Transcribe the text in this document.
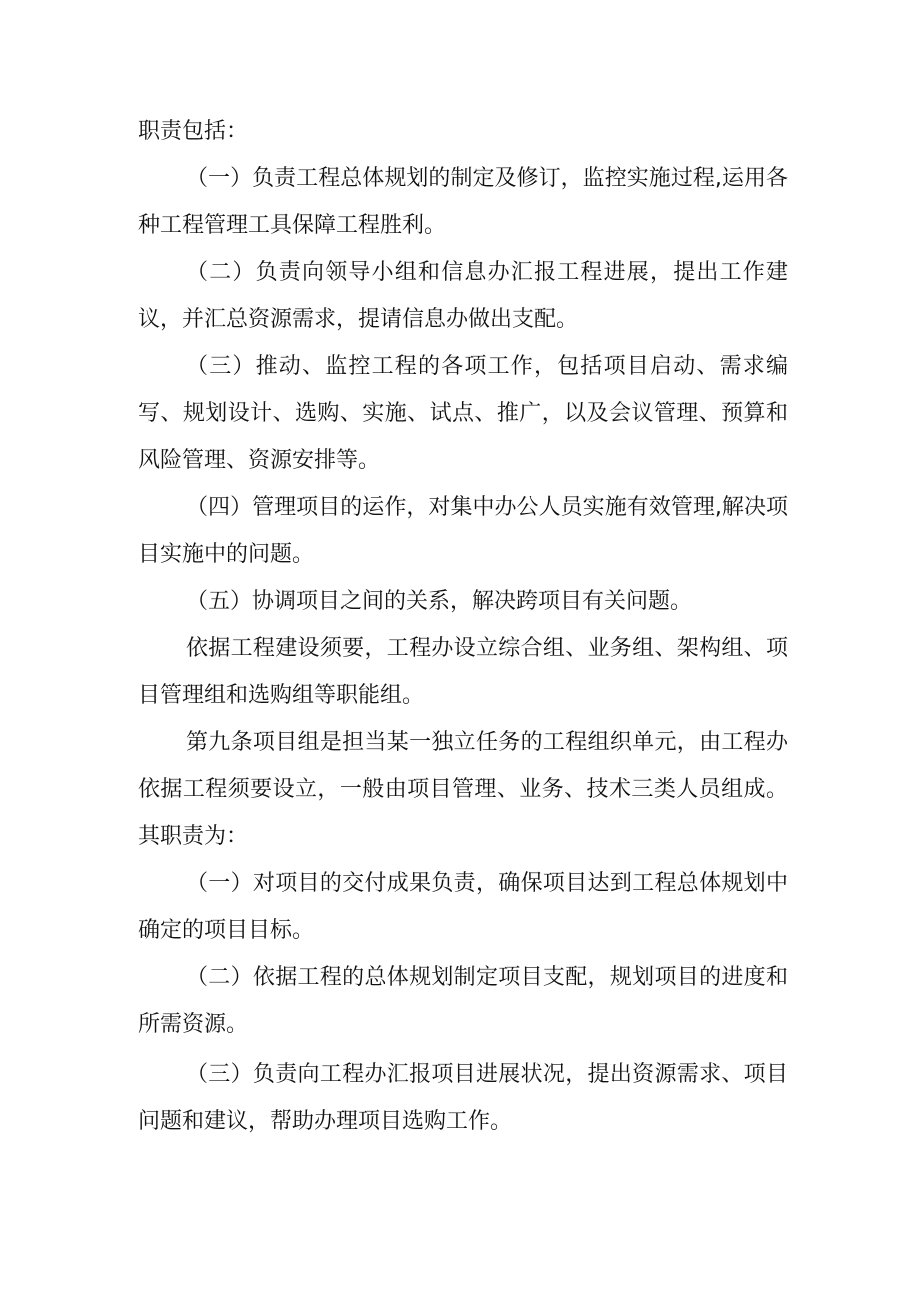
职责包括：

（一）负责工程总体规划的制定及修订，监控实施过程,运用各种工程管理工具保障工程胜利。

（二）负责向领导小组和信息办汇报工程进展，提出工作建议，并汇总资源需求，提请信息办做出支配。

（三）推动、监控工程的各项工作，包括项目启动、需求编写、规划设计、选购、实施、试点、推广，以及会议管理、预算和风险管理、资源安排等。

（四）管理项目的运作，对集中办公人员实施有效管理,解决项目实施中的问题。

（五）协调项目之间的关系，解决跨项目有关问题。

依据工程建设须要，工程办设立综合组、业务组、架构组、项目管理组和选购组等职能组。

第九条项目组是担当某一独立任务的工程组织单元，由工程办依据工程须要设立，一般由项目管理、业务、技术三类人员组成。其职责为：

（一）对项目的交付成果负责，确保项目达到工程总体规划中确定的项目目标。

（二）依据工程的总体规划制定项目支配，规划项目的进度和所需资源。

（三）负责向工程办汇报项目进展状况，提出资源需求、项目问题和建议，帮助办理项目选购工作。
